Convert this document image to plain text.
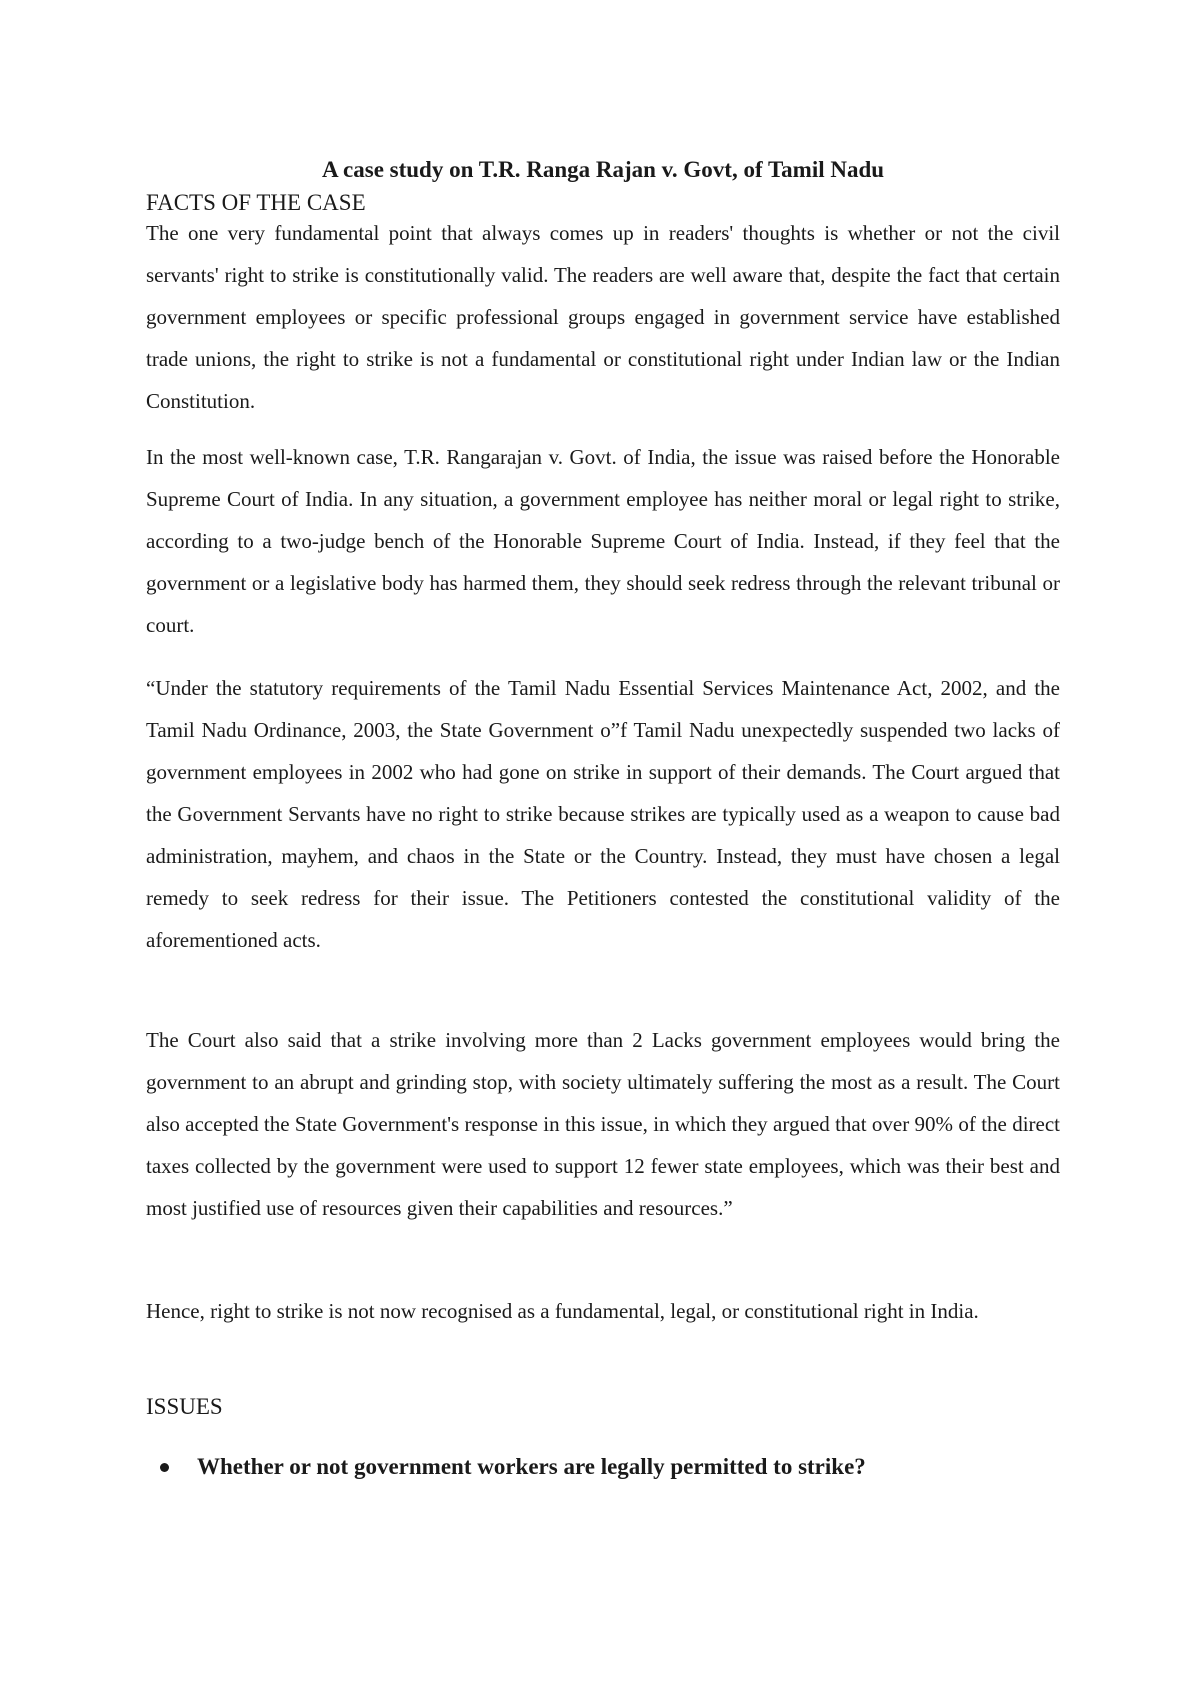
A case study on T.R. Ranga Rajan v. Govt, of Tamil Nadu
FACTS OF THE CASE

The one very fundamental point that always comes up in readers' thoughts is whether or not the civil servants' right to strike is constitutionally valid. The readers are well aware that, despite the fact that certain government employees or specific professional groups engaged in government service have established trade unions, the right to strike is not a fundamental or constitutional right under Indian law or the Indian Constitution.

In the most well-known case, T.R. Rangarajan v. Govt. of India, the issue was raised before the Honorable Supreme Court of India. In any situation, a government employee has neither moral or legal right to strike, according to a two-judge bench of the Honorable Supreme Court of India. Instead, if they feel that the government or a legislative body has harmed them, they should seek redress through the relevant tribunal or court.

“Under the statutory requirements of the Tamil Nadu Essential Services Maintenance Act, 2002, and the Tamil Nadu Ordinance, 2003, the State Government o”f Tamil Nadu unexpectedly suspended two lacks of government employees in 2002 who had gone on strike in support of their demands. The Court argued that the Government Servants have no right to strike because strikes are typically used as a weapon to cause bad administration, mayhem, and chaos in the State or the Country. Instead, they must have chosen a legal remedy to seek redress for their issue. The Petitioners contested the constitutional validity of the aforementioned acts.

The Court also said that a strike involving more than 2 Lacks government employees would bring the government to an abrupt and grinding stop, with society ultimately suffering the most as a result. The Court also accepted the State Government's response in this issue, in which they argued that over 90% of the direct taxes collected by the government were used to support 12 fewer state employees, which was their best and most justified use of resources given their capabilities and resources.”

Hence, right to strike is not now recognised as a fundamental, legal, or constitutional right in India.

ISSUES
Whether or not government workers are legally permitted to strike?
